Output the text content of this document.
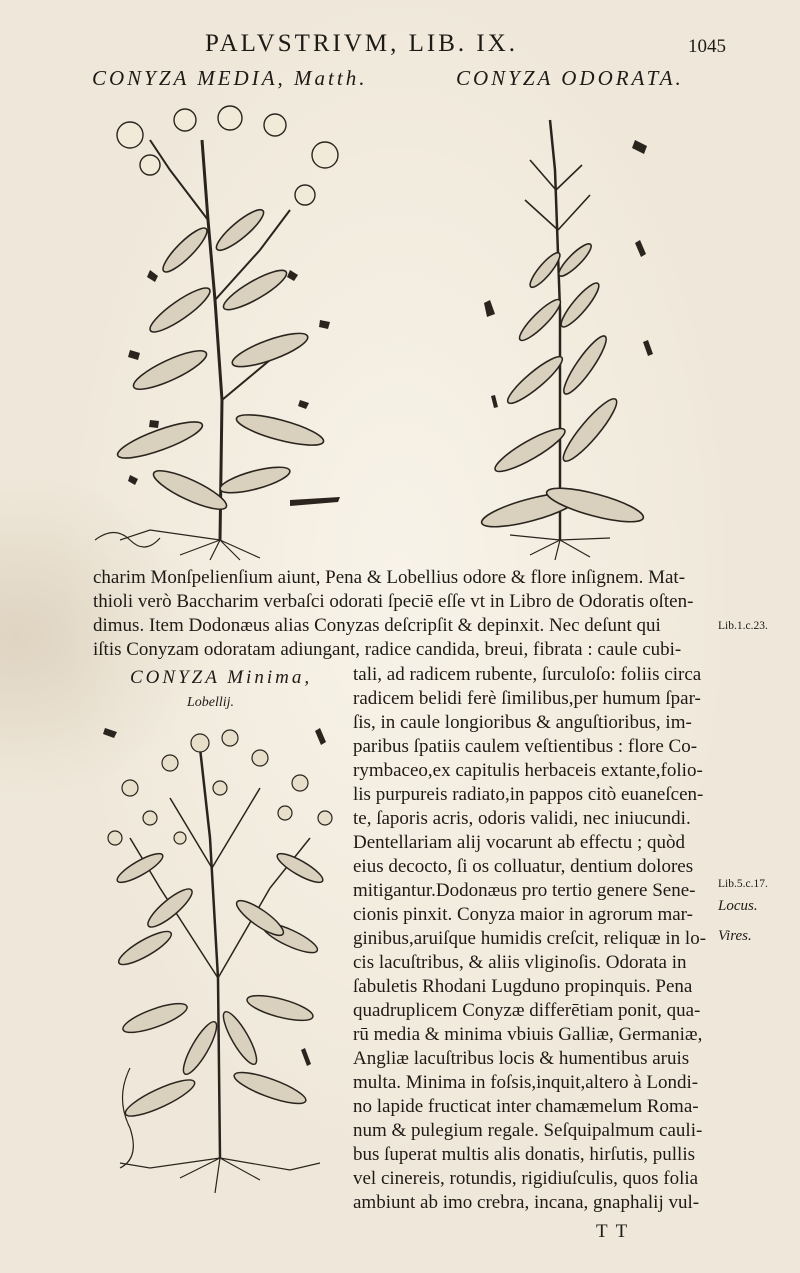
PALVSTRIVM, LIB. IX.	1045
CONYZA MEDIA, Matth.	CONYZA ODORATA.
charim Monſpelienſium aiunt, Pena & Lobellius odore & flore inſignem. Mat-
thioli verò Baccharim verbaſci odorati ſpeciē eſſe vt in Libro de Odoratis oſten-
dimus. Item Dodonæus alias Conyzas deſcripſit & depinxit. Nec deſunt qui
iſtis Conyzam odoratam adiungant, radice candida, breui, fibrata : caule cubi-
Lib.1.c.23.
CONYZA Minima,
Lobellij.
tali, ad radicem rubente, ſurculoſo: foliis circa
radicem belidi ferè ſimilibus,per humum ſpar-
ſis, in caule longioribus & anguſtioribus, im-
paribus ſpatiis caulem veſtientibus : flore Co-
rymbaceo,ex capitulis herbaceis extante,folio-
lis purpureis radiato,in pappos citò euaneſcen-
te, ſaporis acris, odoris validi, nec iniucundi.
Dentellariam alij vocarunt ab effectu ; quòd
eius decocto, ſi os colluatur, dentium dolores
mitigantur.Dodonæus pro tertio genere Sene-
cionis pinxit. Conyza maior in agrorum mar-
ginibus,aruiſque humidis creſcit, reliquæ in lo-
cis lacuſtribus, & aliis vliginoſis. Odorata in
ſabuletis Rhodani Lugduno propinquis. Pena
quadruplicem Conyzæ differētiam ponit, qua-
rū media & minima vbiuis Galliæ, Germaniæ,
Angliæ lacuſtribus locis & humentibus aruis
multa. Minima in foſsis,inquit,altero à Londi-
no lapide fructicat inter chamæmelum Roma-
num & pulegium regale. Seſquipalmum cauli-
bus ſuperat multis alis donatis, hirſutis, pullis
vel cinereis, rotundis, rigidiuſculis, quos folia
ambiunt ab imo crebra, incana, gnaphalij vul-
Lib.5.c.17.
Locus.
Vires.
T T
